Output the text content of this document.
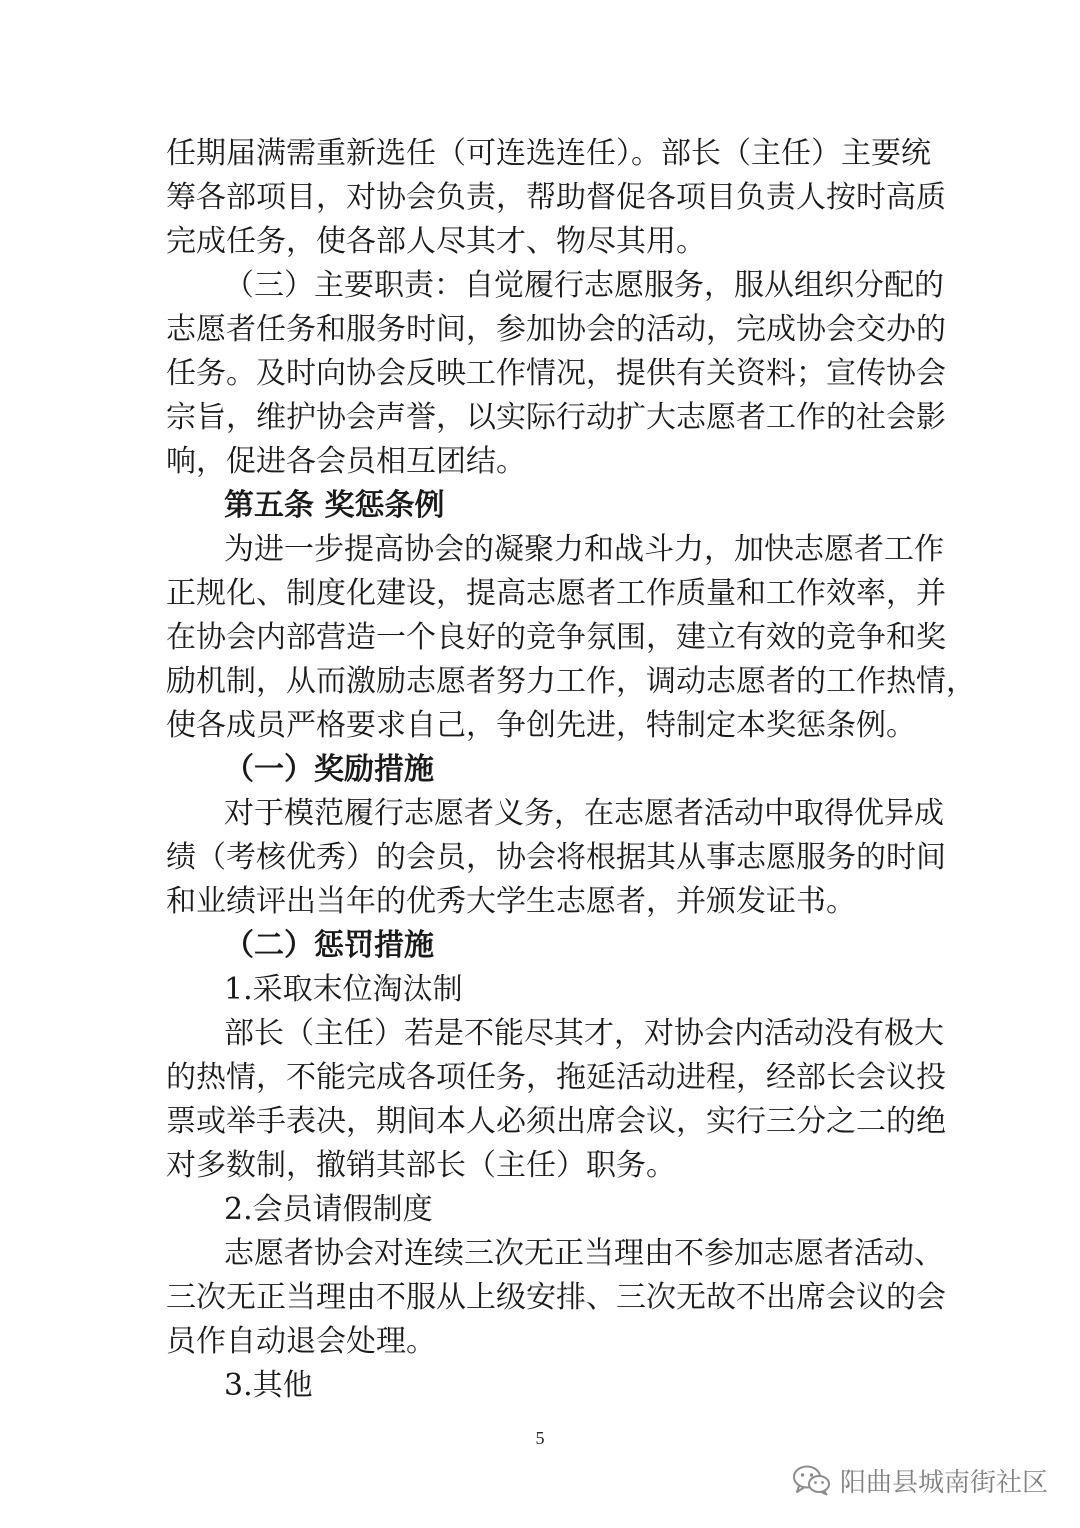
任期届满需重新选任（可连选连任）。部长（主任）主要统
筹各部项目，对协会负责，帮助督促各项目负责人按时高质
完成任务，使各部人尽其才、物尽其用。
（三）主要职责：自觉履行志愿服务，服从组织分配的
志愿者任务和服务时间，参加协会的活动，完成协会交办的
任务。及时向协会反映工作情况，提供有关资料；宣传协会
宗旨，维护协会声誉，以实际行动扩大志愿者工作的社会影
响，促进各会员相互团结。
第五条 奖惩条例
为进一步提高协会的凝聚力和战斗力，加快志愿者工作
正规化、制度化建设，提高志愿者工作质量和工作效率，并
在协会内部营造一个良好的竞争氛围，建立有效的竞争和奖
励机制，从而激励志愿者努力工作，调动志愿者的工作热情，
使各成员严格要求自己，争创先进，特制定本奖惩条例。
（一）奖励措施
对于模范履行志愿者义务，在志愿者活动中取得优异成
绩（考核优秀）的会员，协会将根据其从事志愿服务的时间
和业绩评出当年的优秀大学生志愿者，并颁发证书。
（二）惩罚措施
1.采取末位淘汰制
部长（主任）若是不能尽其才，对协会内活动没有极大
的热情，不能完成各项任务，拖延活动进程，经部长会议投
票或举手表决，期间本人必须出席会议，实行三分之二的绝
对多数制，撤销其部长（主任）职务。
2.会员请假制度
志愿者协会对连续三次无正当理由不参加志愿者活动、
三次无正当理由不服从上级安排、三次无故不出席会议的会
员作自动退会处理。
3.其他
5
阳曲县城南街社区
